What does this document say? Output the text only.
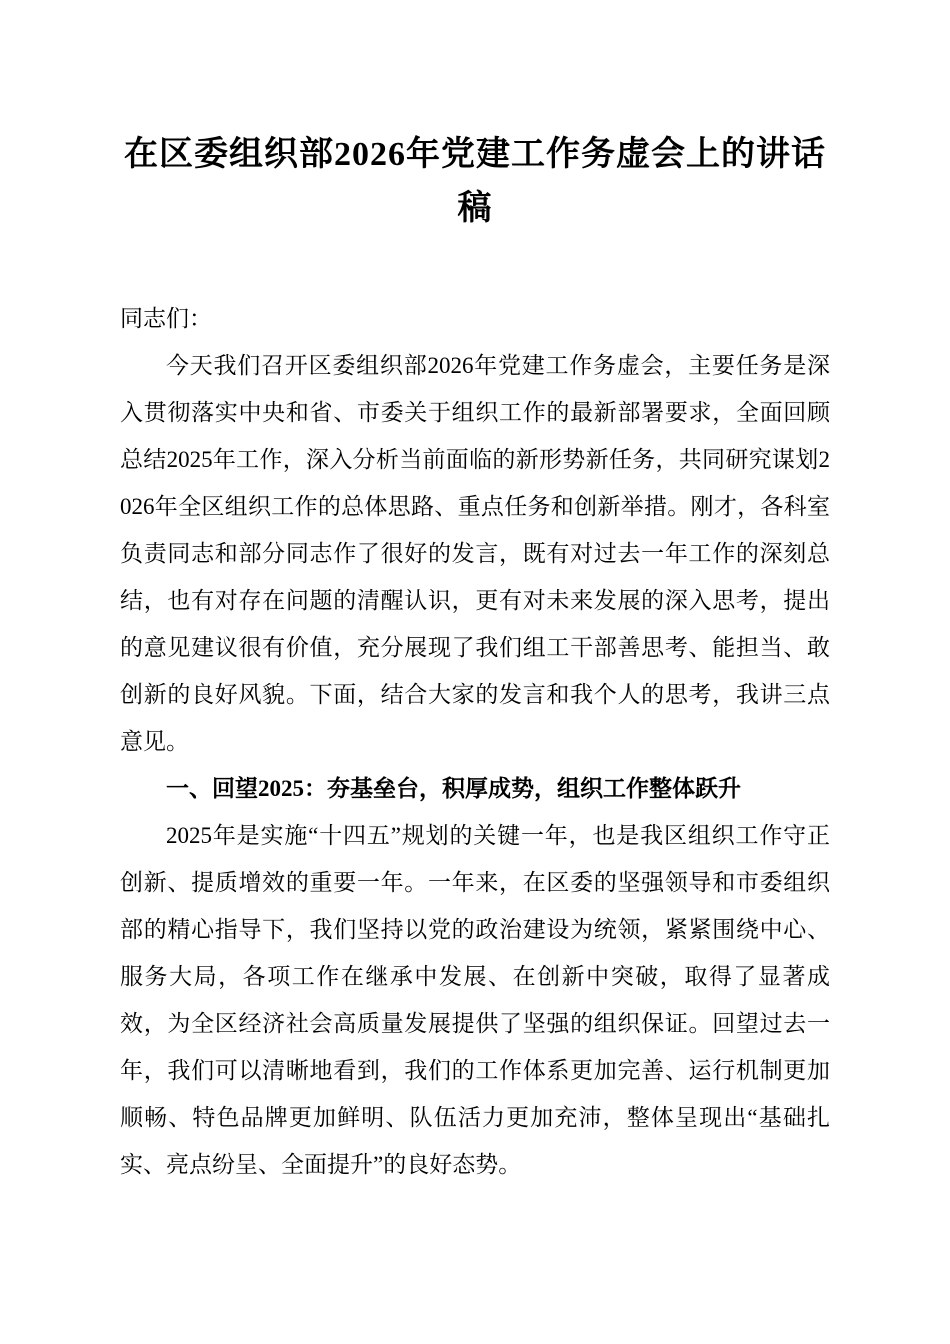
在区委组织部2026年党建工作务虚会上的讲话稿

同志们：

今天我们召开区委组织部2026年党建工作务虚会，主要任务是深入贯彻落实中央和省、市委关于组织工作的最新部署要求，全面回顾总结2025年工作，深入分析当前面临的新形势新任务，共同研究谋划2026年全区组织工作的总体思路、重点任务和创新举措。刚才，各科室负责同志和部分同志作了很好的发言，既有对过去一年工作的深刻总结，也有对存在问题的清醒认识，更有对未来发展的深入思考，提出的意见建议很有价值，充分展现了我们组工干部善思考、能担当、敢创新的良好风貌。下面，结合大家的发言和我个人的思考，我讲三点意见。

一、回望2025：夯基垒台，积厚成势，组织工作整体跃升

2025年是实施“十四五”规划的关键一年，也是我区组织工作守正创新、提质增效的重要一年。一年来，在区委的坚强领导和市委组织部的精心指导下，我们坚持以党的政治建设为统领，紧紧围绕中心、服务大局，各项工作在继承中发展、在创新中突破，取得了显著成效，为全区经济社会高质量发展提供了坚强的组织保证。回望过去一年，我们可以清晰地看到，我们的工作体系更加完善、运行机制更加顺畅、特色品牌更加鲜明、队伍活力更加充沛，整体呈现出“基础扎实、亮点纷呈、全面提升”的良好态势。
